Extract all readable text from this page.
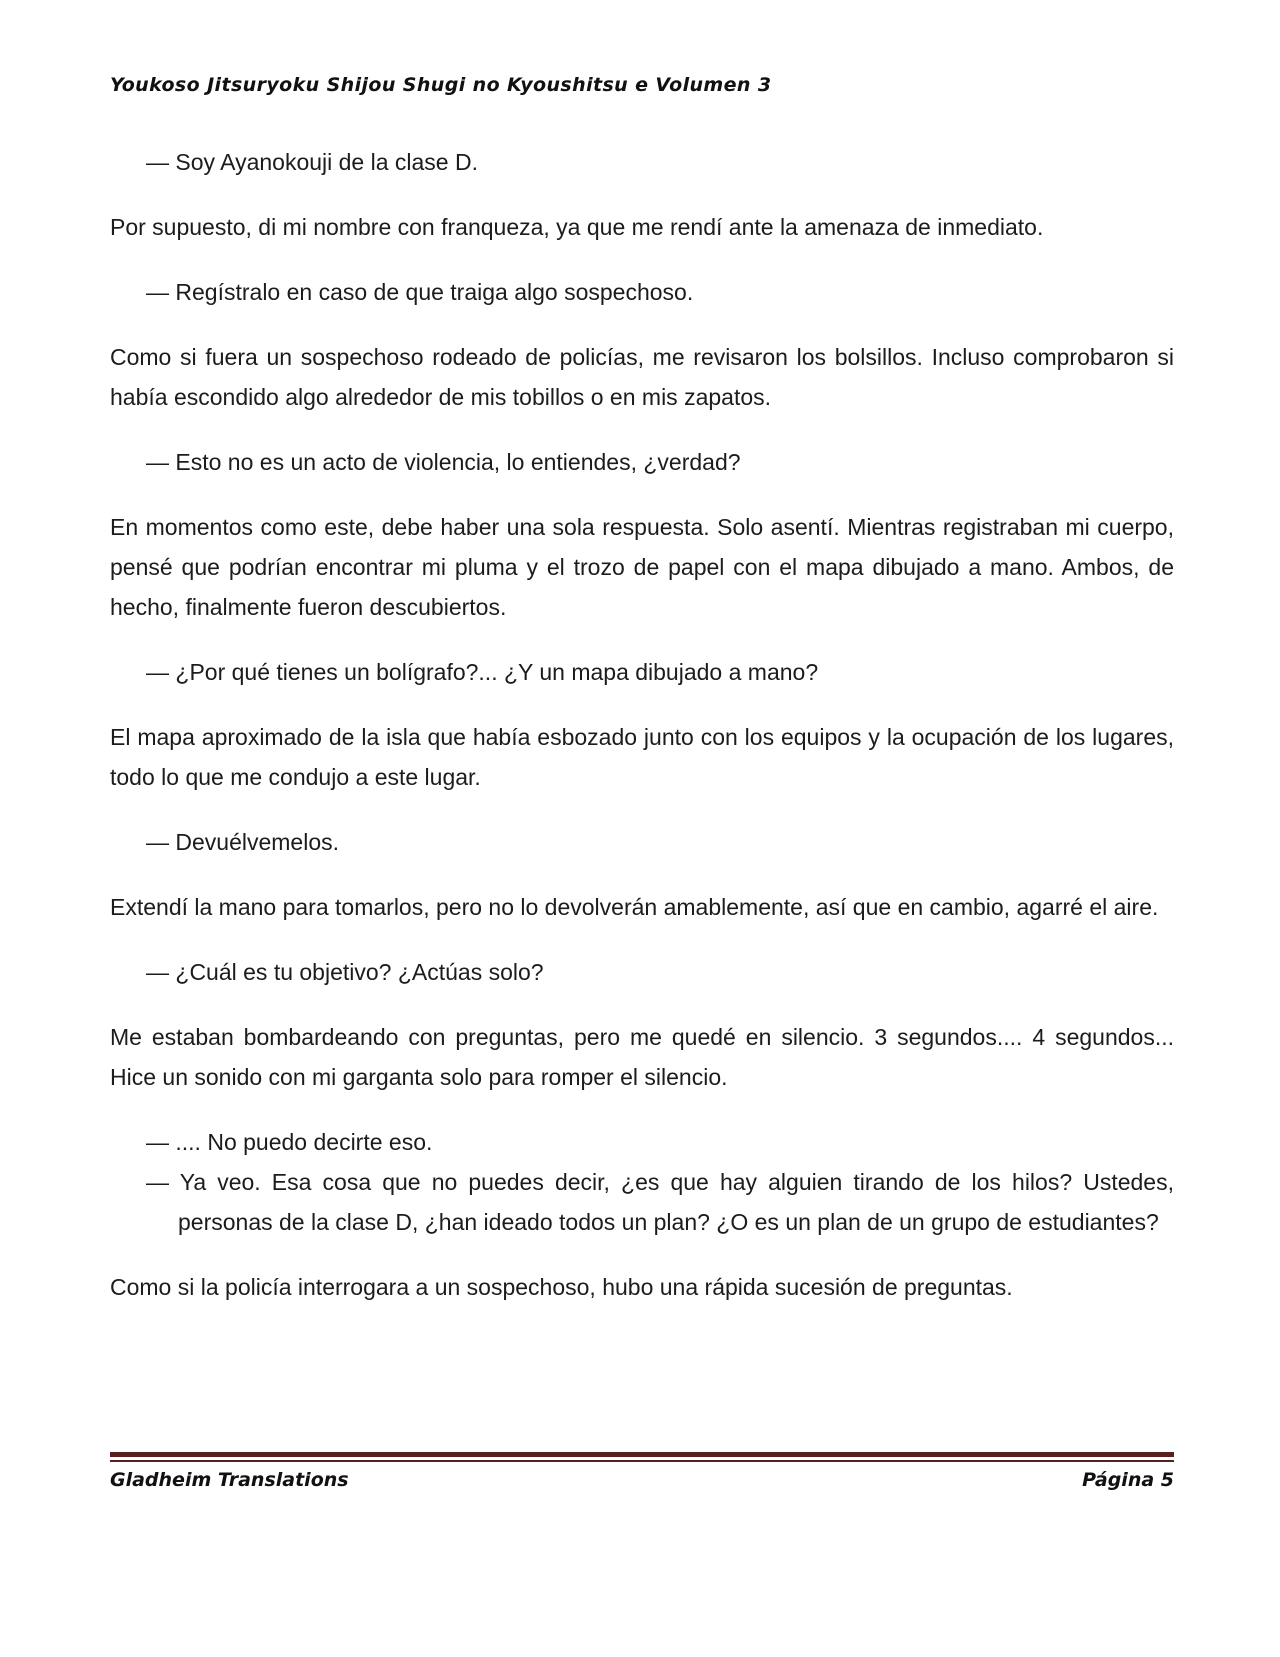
Youkoso Jitsuryoku Shijou Shugi no Kyoushitsu e Volumen 3

— Soy Ayanokouji de la clase D.

Por supuesto, di mi nombre con franqueza, ya que me rendí ante la amenaza de inmediato.

— Regístralo en caso de que traiga algo sospechoso.

Como si fuera un sospechoso rodeado de policías, me revisaron los bolsillos. Incluso comprobaron si había escondido algo alrededor de mis tobillos o en mis zapatos.

— Esto no es un acto de violencia, lo entiendes, ¿verdad?

En momentos como este, debe haber una sola respuesta. Solo asentí. Mientras registraban mi cuerpo, pensé que podrían encontrar mi pluma y el trozo de papel con el mapa dibujado a mano. Ambos, de hecho, finalmente fueron descubiertos.

— ¿Por qué tienes un bolígrafo?... ¿Y un mapa dibujado a mano?

El mapa aproximado de la isla que había esbozado junto con los equipos y la ocupación de los lugares, todo lo que me condujo a este lugar.

— Devuélvemelos.

Extendí la mano para tomarlos, pero no lo devolverán amablemente, así que en cambio, agarré el aire.

— ¿Cuál es tu objetivo? ¿Actúas solo?

Me estaban bombardeando con preguntas, pero me quedé en silencio. 3 segundos.... 4 segundos... Hice un sonido con mi garganta solo para romper el silencio.

— .... No puedo decirte eso.

— Ya veo. Esa cosa que no puedes decir, ¿es que hay alguien tirando de los hilos? Ustedes, personas de la clase D, ¿han ideado todos un plan? ¿O es un plan de un grupo de estudiantes?

Como si la policía interrogara a un sospechoso, hubo una rápida sucesión de preguntas.

Gladheim Translations	Página 5
